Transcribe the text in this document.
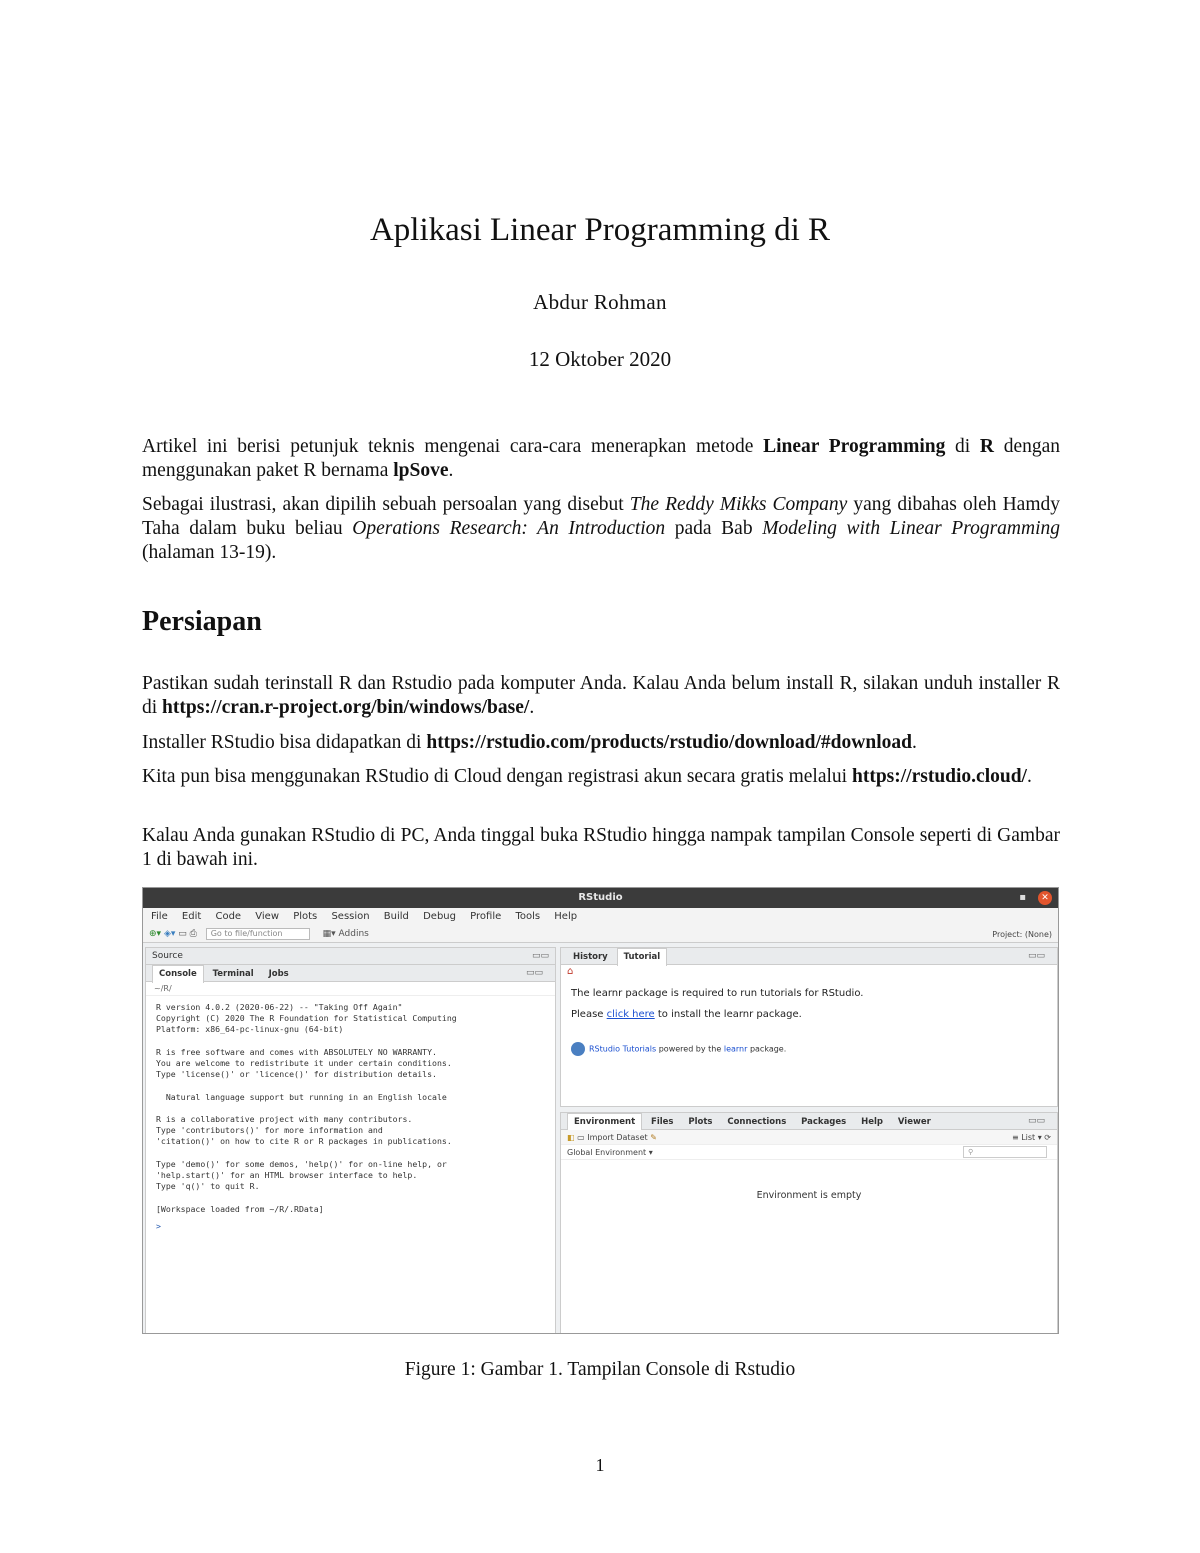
Aplikasi Linear Programming di R
Abdur Rohman
12 Oktober 2020
Artikel ini berisi petunjuk teknis mengenai cara-cara menerapkan metode Linear Programming di R dengan menggunakan paket R bernama lpSove.
Sebagai ilustrasi, akan dipilih sebuah persoalan yang disebut The Reddy Mikks Company yang dibahas oleh Hamdy Taha dalam buku beliau Operations Research: An Introduction pada Bab Modeling with Linear Programming (halaman 13-19).
Persiapan
Pastikan sudah terinstall R dan Rstudio pada komputer Anda. Kalau Anda belum install R, silakan unduh installer R di https://cran.r-project.org/bin/windows/base/.
Installer RStudio bisa didapatkan di https://rstudio.com/products/rstudio/download/#download.
Kita pun bisa menggunakan RStudio di Cloud dengan registrasi akun secara gratis melalui https://rstudio.cloud/.
Kalau Anda gunakan RStudio di PC, Anda tinggal buka RStudio hingga nampak tampilan Console seperti di Gambar 1 di bawah ini.
RStudio	▪	✕
File Edit Code View Plots Session Build Debug Profile Tools Help
⊕▾ ◈▾ ▭ ⎙ Go to file/function	▦▾ Addins	Project: (None)
Source	▭▭
Console Terminal Jobs	▭▭
~/R/
R version 4.0.2 (2020-06-22) -- "Taking Off Again"
Copyright (C) 2020 The R Foundation for Statistical Computing
Platform: x86_64-pc-linux-gnu (64-bit)

R is free software and comes with ABSOLUTELY NO WARRANTY.
You are welcome to redistribute it under certain conditions.
Type 'license()' or 'licence()' for distribution details.

Natural language support but running in an English locale

R is a collaborative project with many contributors.
Type 'contributors()' for more information and
'citation()' on how to cite R or R packages in publications.

Type 'demo()' for some demos, 'help()' for on-line help, or
'help.start()' for an HTML browser interface to help.
Type 'q()' to quit R.

[Workspace loaded from ~/R/.RData]

>
History Tutorial	▭▭
⌂

The learnr package is required to run tutorials for RStudio.

Please click here to install the learnr package.

RStudio Tutorials powered by the learnr package.
Environment Files Plots Connections Packages Help Viewer	▭▭
◧ ▭ Import Dataset ✎	≡ List ▾ ⟳
Global Environment ▾	⚲
Environment is empty
Figure 1: Gambar 1. Tampilan Console di Rstudio
1
